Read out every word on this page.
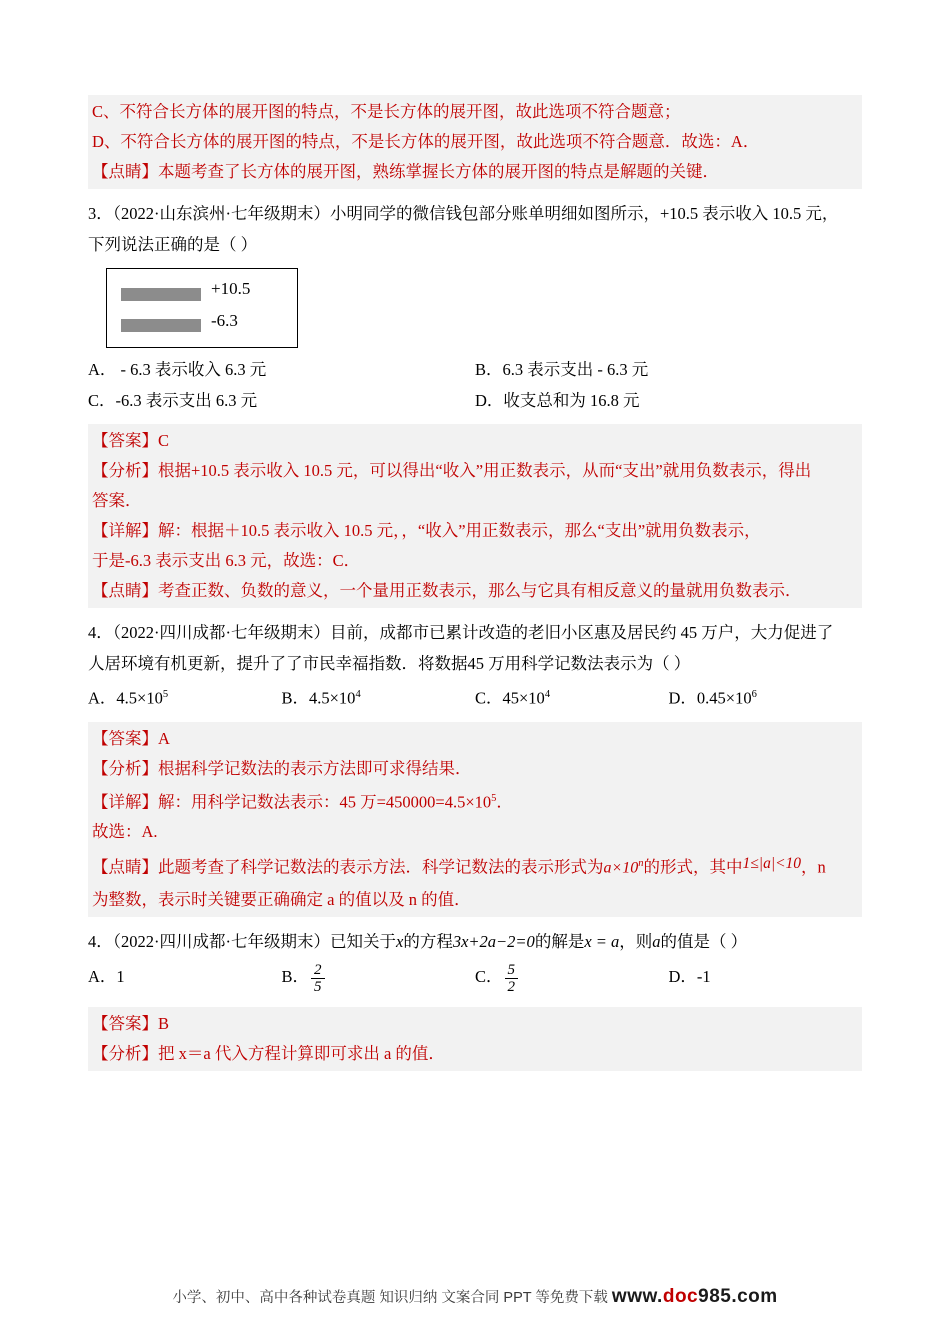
C、不符合长方体的展开图的特点，不是长方体的展开图，故此选项不符合题意；
D、不符合长方体的展开图的特点，不是长方体的展开图，故此选项不符合题意．故选：A．
【点睛】本题考查了长方体的展开图，熟练掌握长方体的展开图的特点是解题的关键．
3．（2022·山东滨州·七年级期末）小明同学的微信钱包部分账单明细如图所示，+10.5 表示收入 10.5 元，
下列说法正确的是（ ）
+10.5
-6.3
A． - 6.3 表示收入 6.3 元	B．6.3 表示支出 - 6.3 元
C．-6.3 表示支出 6.3 元	D．收支总和为 16.8 元
【答案】C
【分析】根据+10.5 表示收入 10.5 元，可以得出“收入”用正数表示，从而“支出”就用负数表示，得出
答案．
【详解】解：根据＋10.5 表示收入 10.5 元，，“收入”用正数表示，那么“支出”就用负数表示，
于是-6.3 表示支出 6.3 元，故选：C．
【点睛】考查正数、负数的意义，一个量用正数表示，那么与它具有相反意义的量就用负数表示．
4．（2022·四川成都·七年级期末）目前，成都市已累计改造的老旧小区惠及居民约 45 万户，大力促进了
人居环境有机更新，提升了了市民幸福指数．将数据45 万用科学记数法表示为（ ）
A．$4.5\times 10^5$	B．$4.5\times 10^4$	C．$45\times 10^4$	D．$0.45\times 10^6$
【答案】A
【分析】根据科学记数法的表示方法即可求得结果．
【详解】解：用科学记数法表示：45 万$=450000=4.5\times 10^5$．
故选：A.
【点睛】此题考查了科学记数法的表示方法．科学记数法的表示形式为$a\times 10^n$的形式，其中1≤|a|<10，n
为整数，表示时关键要正确确定 a 的值以及 n 的值．
4．（2022·四川成都·七年级期末）已知关于x的方程3x+2a−2=0的解是x = a，则a的值是（ ）
A．1	B． $\frac{2}{5}$	C． $\frac{5}{2}$	D．-1
【答案】B
【分析】把 x＝a 代入方程计算即可求出 a 的值．
小学、初中、高中各种试卷真题 知识归纳 文案合同 PPT 等免费下载 www.doc985.com
